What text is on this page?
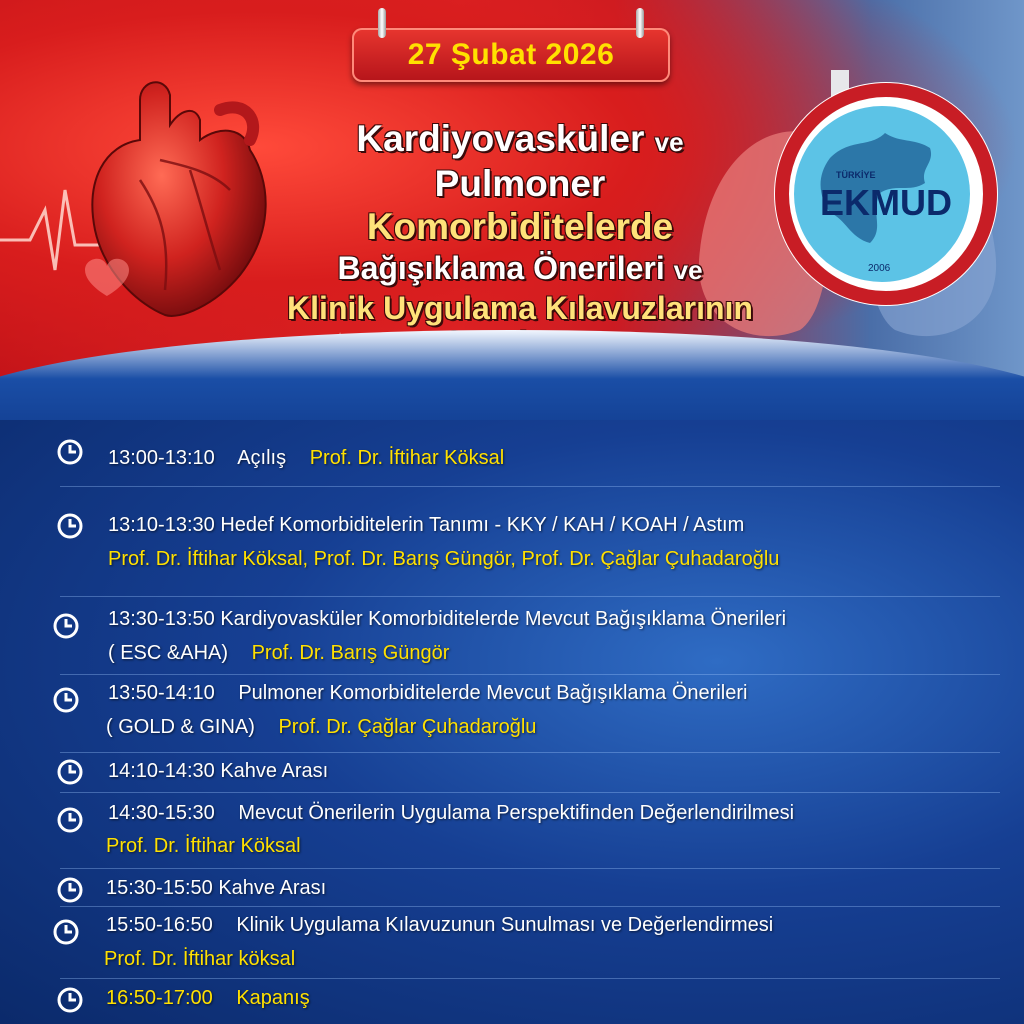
27 Şubat 2026
Kardiyovasküler ve
Pulmoner
Komorbiditelerde
Bağışıklama Önerileri ve
Klinik Uygulama Kılavuzlarının
TÜRKİYE
EKMUD
2006
13:00-13:10 Açılış Prof. Dr. İftihar Köksal
13:10-13:30 Hedef Komorbiditelerin Tanımı - KKY / KAH / KOAH / Astım
Prof. Dr. İftihar Köksal, Prof. Dr. Barış Güngör, Prof. Dr. Çağlar Çuhadaroğlu
13:30-13:50 Kardiyovasküler Komorbiditelerde Mevcut Bağışıklama Önerileri
( ESC &AHA) Prof. Dr. Barış Güngör
13:50-14:10 Pulmoner Komorbiditelerde Mevcut Bağışıklama Önerileri
( GOLD & GINA) Prof. Dr. Çağlar Çuhadaroğlu
14:10-14:30 Kahve Arası
14:30-15:30 Mevcut Önerilerin Uygulama Perspektifinden Değerlendirilmesi
Prof. Dr. İftihar Köksal
15:30-15:50 Kahve Arası
15:50-16:50 Klinik Uygulama Kılavuzunun Sunulması ve Değerlendirmesi
Prof. Dr. İftihar köksal
16:50-17:00 Kapanış
